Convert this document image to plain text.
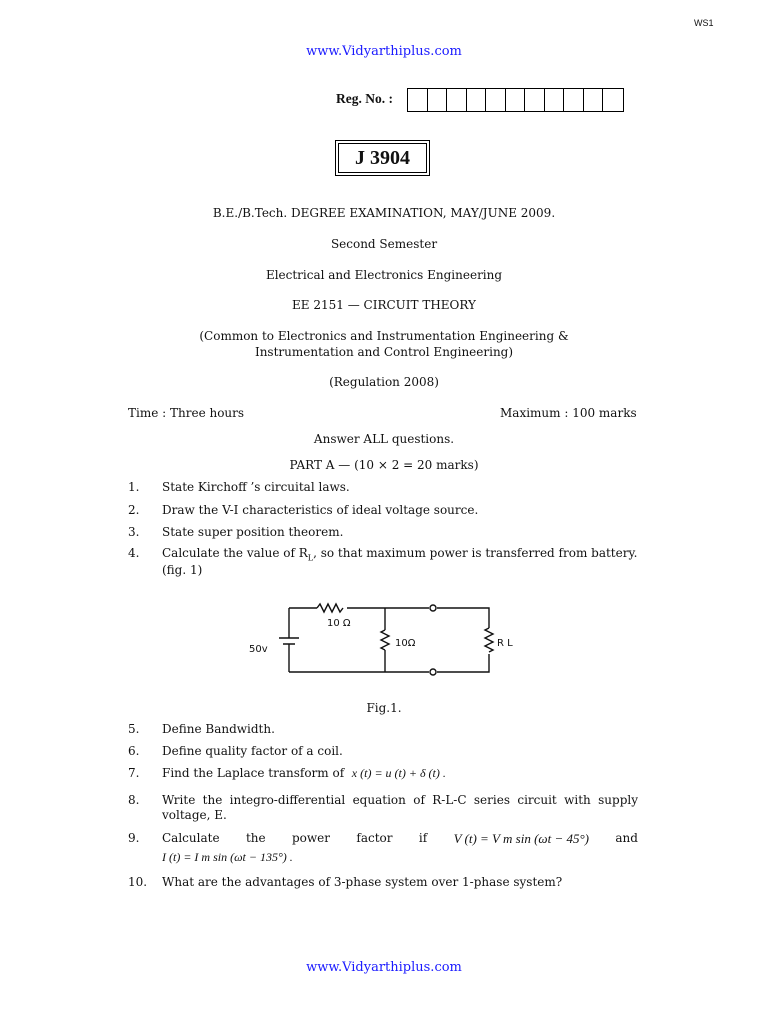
WS1
www.Vidyarthiplus.com
Reg. No. :
J 3904
B.E./B.Tech. DEGREE EXAMINATION, MAY/JUNE 2009.
Second Semester
Electrical and Electronics Engineering
EE 2151 — CIRCUIT THEORY
(Common to Electronics and Instrumentation Engineering &
Instrumentation and Control Engineering)
(Regulation 2008)
Time : Three hours	Maximum : 100 marks
Answer ALL questions.
PART A — (10 × 2 = 20 marks)
1. State Kirchoff ’s circuital laws.
2. Draw the V-I characteristics of ideal voltage source.
3. State super position theorem.
4. Calculate the value of $R_L$, so that maximum power is transferred from battery.
(fig. 1)
50v
10 Ω
10Ω	R L
Fig.1.
5. Define Bandwidth.
6. Define quality factor of a coil.
7. Find the Laplace transform of x (t) = u (t) + δ (t) .
8. Write the integro-differential equation of R-L-C series circuit with supply
voltage, E.
9. Calculate the power factor if V (t) = V m sin (ωt − 45°) and
I (t) = I m sin (ωt − 135°) .
10. What are the advantages of 3-phase system over 1-phase system?
www.Vidyarthiplus.com
